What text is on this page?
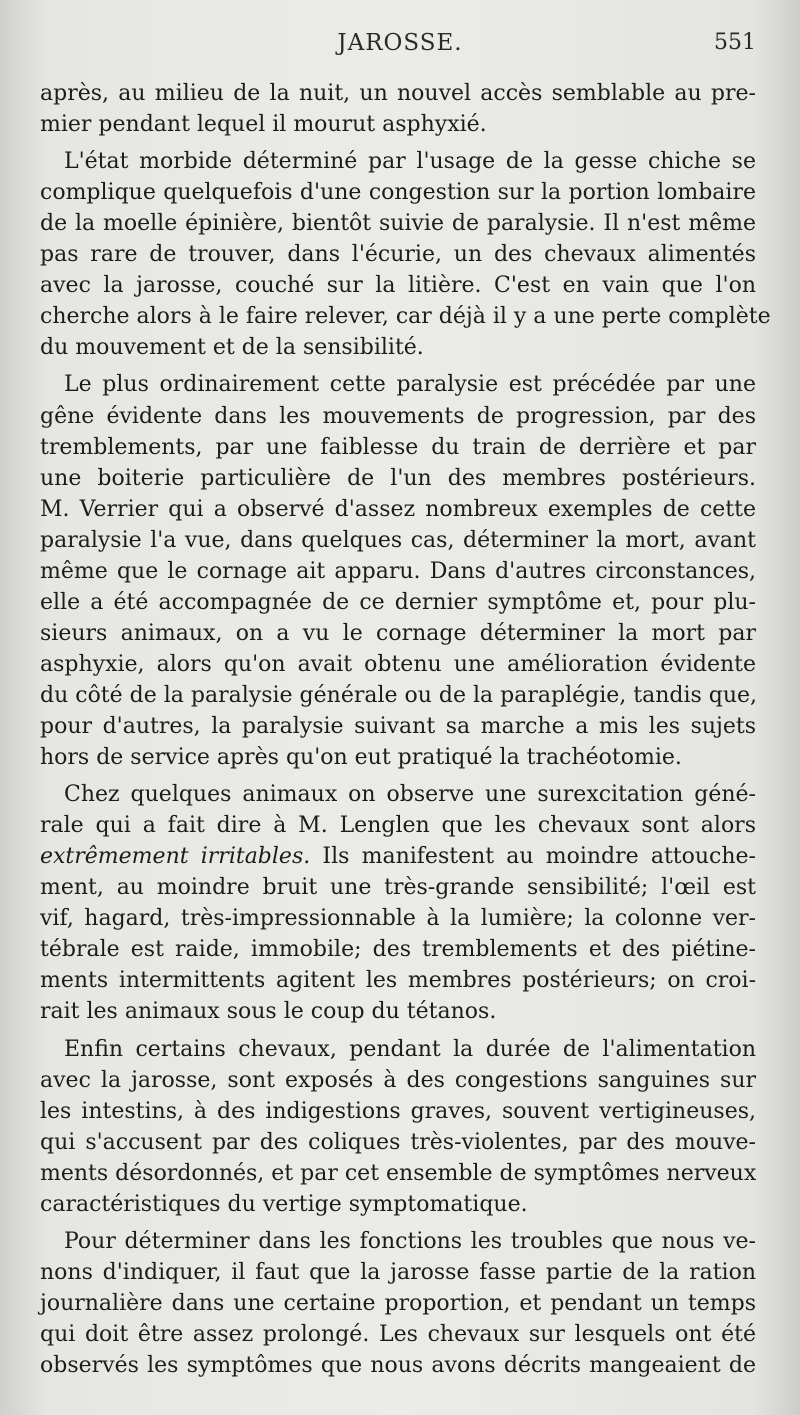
JAROSSE.	551
après, au milieu de la nuit, un nouvel accès semblable au pre-
mier pendant lequel il mourut asphyxié.
L'état morbide déterminé par l'usage de la gesse chiche se
complique quelquefois d'une congestion sur la portion lombaire
de la moelle épinière, bientôt suivie de paralysie. Il n'est même
pas rare de trouver, dans l'écurie, un des chevaux alimentés
avec la jarosse, couché sur la litière. C'est en vain que l'on
cherche alors à le faire relever, car déjà il y a une perte complète
du mouvement et de la sensibilité.
Le plus ordinairement cette paralysie est précédée par une
gêne évidente dans les mouvements de progression, par des
tremblements, par une faiblesse du train de derrière et par
une boiterie particulière de l'un des membres postérieurs.
M. Verrier qui a observé d'assez nombreux exemples de cette
paralysie l'a vue, dans quelques cas, déterminer la mort, avant
même que le cornage ait apparu. Dans d'autres circonstances,
elle a été accompagnée de ce dernier symptôme et, pour plu-
sieurs animaux, on a vu le cornage déterminer la mort par
asphyxie, alors qu'on avait obtenu une amélioration évidente
du côté de la paralysie générale ou de la paraplégie, tandis que,
pour d'autres, la paralysie suivant sa marche a mis les sujets
hors de service après qu'on eut pratiqué la trachéotomie.
Chez quelques animaux on observe une surexcitation géné-
rale qui a fait dire à M. Lenglen que les chevaux sont alors
extrêmement irritables. Ils manifestent au moindre attouche-
ment, au moindre bruit une très-grande sensibilité; l'œil est
vif, hagard, très-impressionnable à la lumière; la colonne ver-
tébrale est raide, immobile; des tremblements et des piétine-
ments intermittents agitent les membres postérieurs; on croi-
rait les animaux sous le coup du tétanos.
Enfin certains chevaux, pendant la durée de l'alimentation
avec la jarosse, sont exposés à des congestions sanguines sur
les intestins, à des indigestions graves, souvent vertigineuses,
qui s'accusent par des coliques très-violentes, par des mouve-
ments désordonnés, et par cet ensemble de symptômes nerveux
caractéristiques du vertige symptomatique.
Pour déterminer dans les fonctions les troubles que nous ve-
nons d'indiquer, il faut que la jarosse fasse partie de la ration
journalière dans une certaine proportion, et pendant un temps
qui doit être assez prolongé. Les chevaux sur lesquels ont été
observés les symptômes que nous avons décrits mangeaient de
